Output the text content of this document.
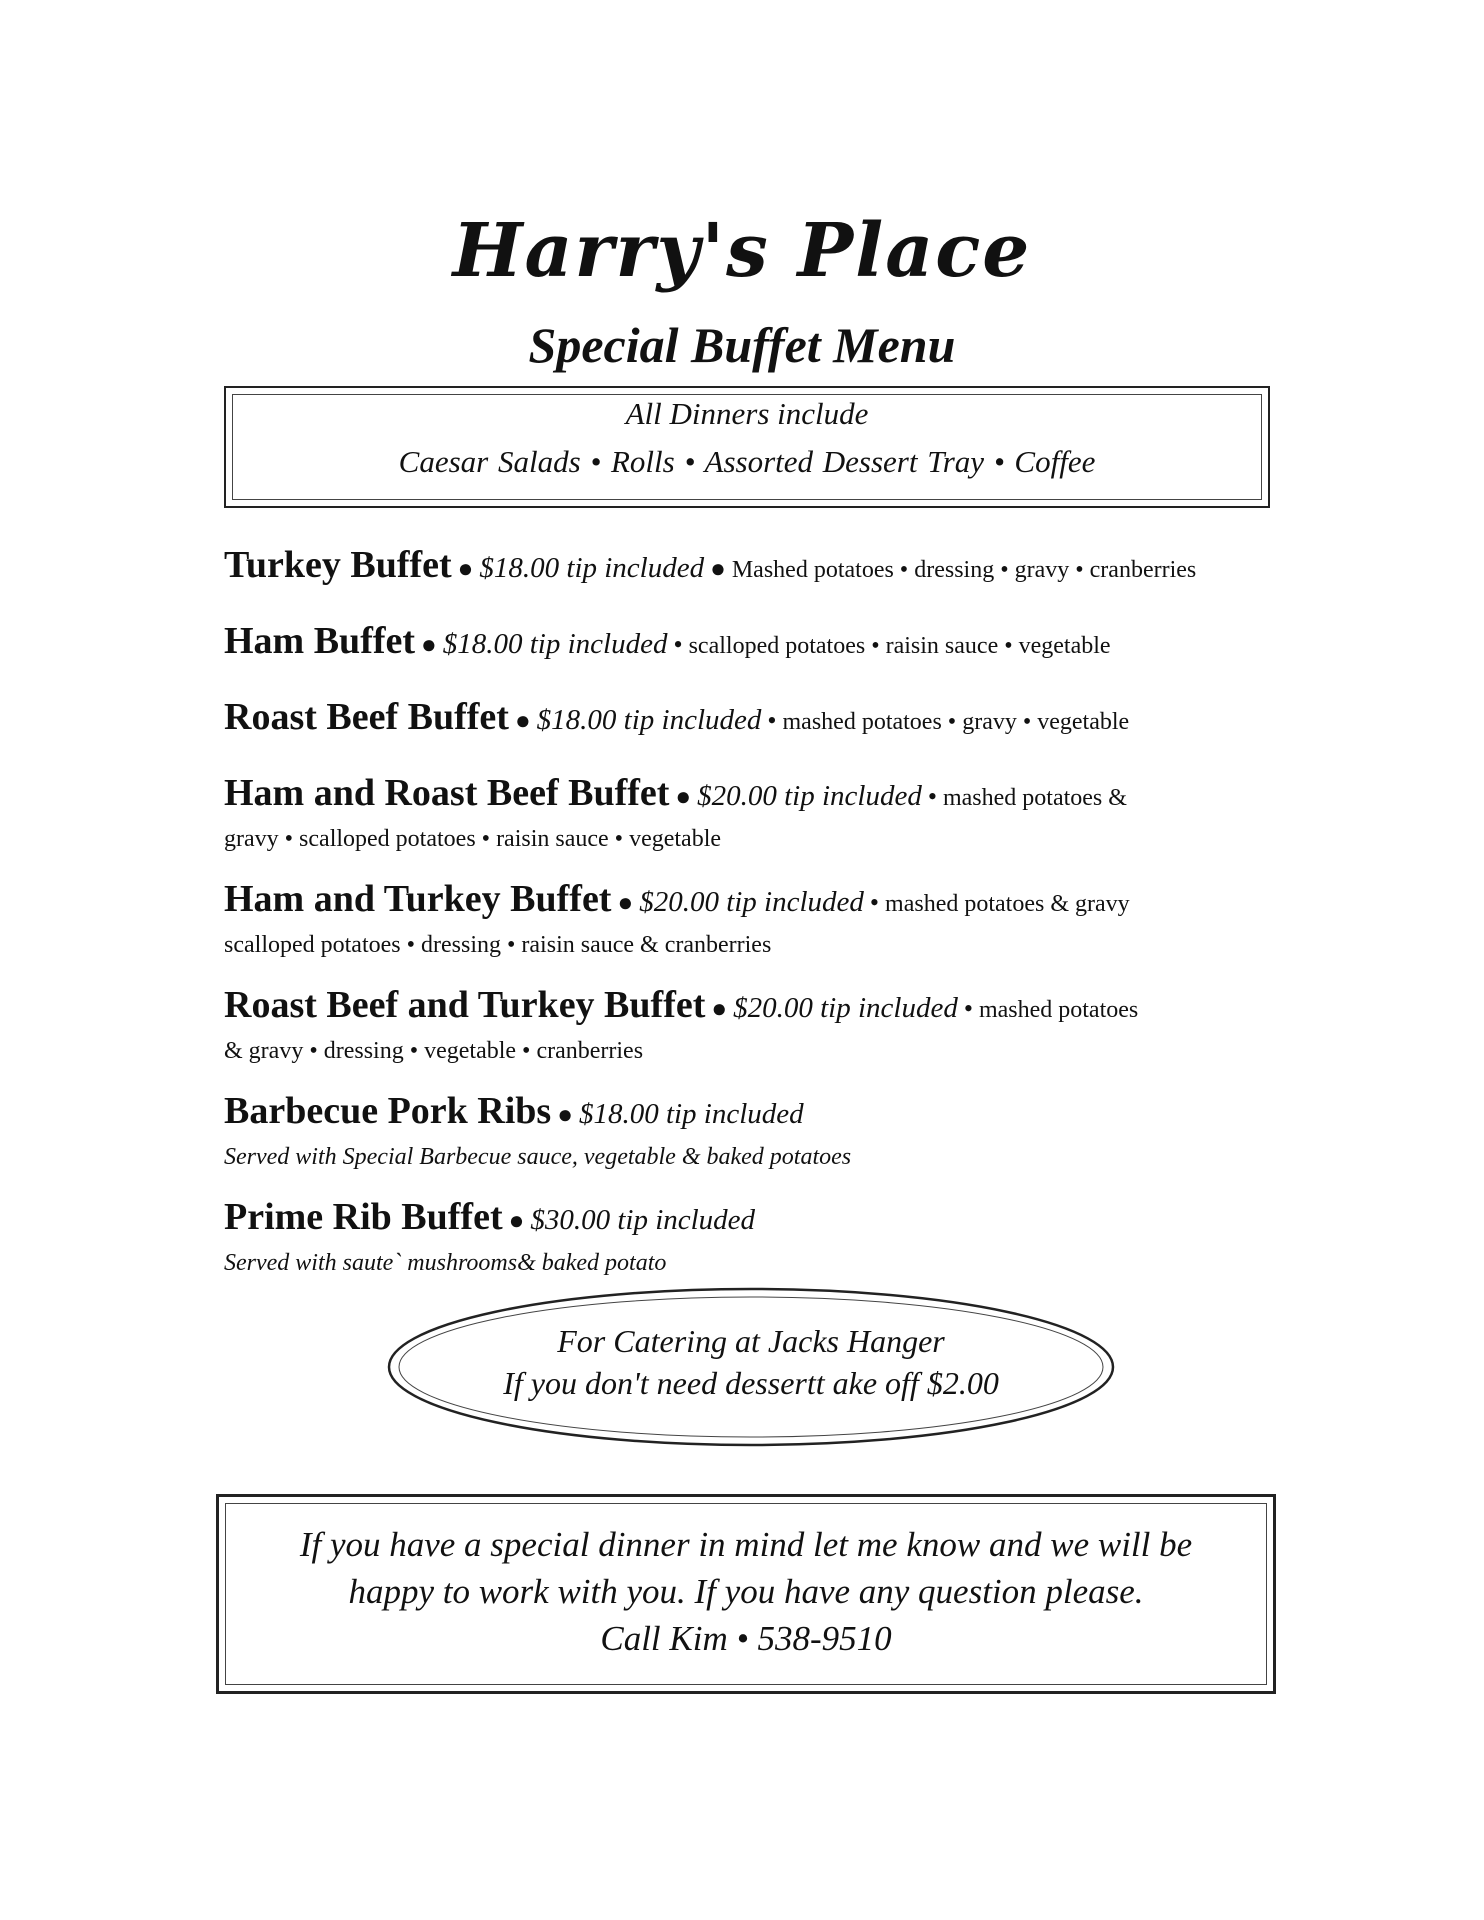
Harry's Place
Special Buffet Menu
All Dinners include
Caesar Salads • Rolls • Assorted Dessert Tray • Coffee
Turkey Buffet ● $18.00 tip included ● Mashed potatoes • dressing • gravy • cranberries
Ham Buffet ● $18.00 tip included • scalloped potatoes • raisin sauce • vegetable
Roast Beef Buffet ● $18.00 tip included • mashed potatoes • gravy • vegetable
Ham and Roast Beef Buffet ● $20.00 tip included • mashed potatoes &
gravy • scalloped potatoes • raisin sauce • vegetable
Ham and Turkey Buffet ● $20.00 tip included • mashed potatoes & gravy
scalloped potatoes • dressing • raisin sauce & cranberries
Roast Beef and Turkey Buffet ● $20.00 tip included • mashed potatoes
& gravy • dressing • vegetable • cranberries
Barbecue Pork Ribs ● $18.00 tip included
Served with Special Barbecue sauce, vegetable & baked potatoes
Prime Rib Buffet ● $30.00 tip included
Served with saute` mushrooms& baked potato
For Catering at Jacks Hanger
If you don't need dessertt ake off $2.00
If you have a special dinner in mind let me know and we will be
happy to work with you. If you have any question please.
Call Kim • 538-9510
